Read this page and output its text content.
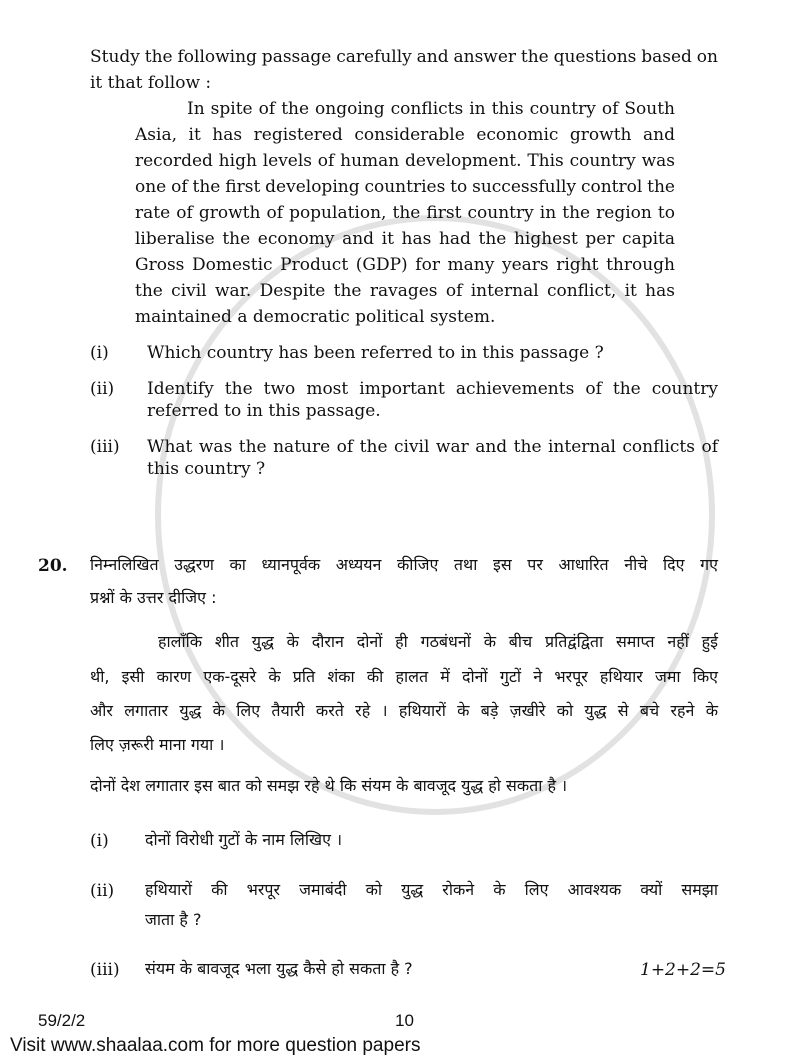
Study the following passage carefully and answer the questions based on
it that follow :
In spite of the ongoing conflicts in this country of South
Asia, it has registered considerable economic growth and
recorded high levels of human development. This country was
one of the first developing countries to successfully control the
rate of growth of population, the first country in the region to
liberalise the economy and it has had the highest per capita
Gross Domestic Product (GDP) for many years right through
the civil war. Despite the ravages of internal conflict, it has
maintained a democratic political system.
(i) Which country has been referred to in this passage ?
(ii) Identify the two most important achievements of the country
referred to in this passage.
(iii) What was the nature of the civil war and the internal conflicts of
this country ?
20. निम्नलिखित उद्धरण का ध्यानपूर्वक अध्ययन कीजिए तथा इस पर आधारित नीचे दिए गए
प्रश्नों के उत्तर दीजिए :
हालाँकि शीत युद्ध के दौरान दोनों ही गठबंधनों के बीच प्रतिद्वंद्विता समाप्त नहीं हुई
थी, इसी कारण एक-दूसरे के प्रति शंका की हालत में दोनों गुटों ने भरपूर हथियार जमा किए
और लगातार युद्ध के लिए तैयारी करते रहे । हथियारों के बड़े ज़खीरे को युद्ध से बचे रहने के
लिए ज़रूरी माना गया ।
दोनों देश लगातार इस बात को समझ रहे थे कि संयम के बावजूद युद्ध हो सकता है ।
(i) दोनों विरोधी गुटों के नाम लिखिए ।
(ii) हथियारों की भरपूर जमाबंदी को युद्ध रोकने के लिए आवश्यक क्यों समझा
जाता है ?
(iii) संयम के बावजूद भला युद्ध कैसे हो सकता है ?	1+2+2=5
59/2/2	10
Visit www.shaalaa.com for more question papers
